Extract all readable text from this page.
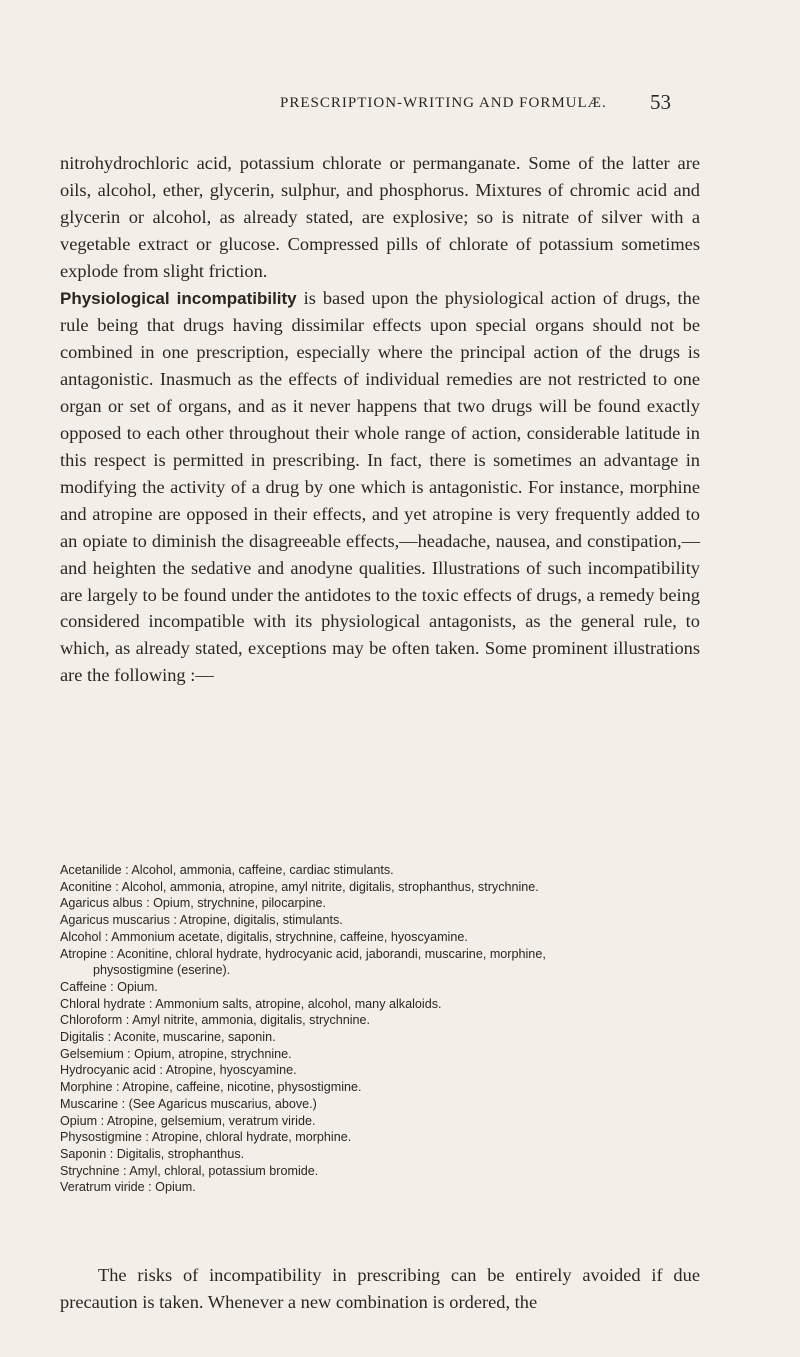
PRESCRIPTION-WRITING AND FORMULÆ. 53

nitrohydrochloric acid, potassium chlorate or permanganate. Some of the latter are oils, alcohol, ether, glycerin, sulphur, and phosphorus. Mixtures of chromic acid and glycerin or alcohol, as already stated, are explosive; so is nitrate of silver with a vegetable extract or glucose. Compressed pills of chlorate of potassium sometimes explode from slight friction.

Physiological incompatibility is based upon the physiological action of drugs, the rule being that drugs having dissimilar effects upon special organs should not be combined in one prescription, especially where the principal action of the drugs is antagonistic. Inasmuch as the effects of individual remedies are not restricted to one organ or set of organs, and as it never happens that two drugs will be found exactly opposed to each other throughout their whole range of action, considerable latitude in this respect is permitted in prescribing. In fact, there is sometimes an advantage in modifying the activity of a drug by one which is antagonistic. For instance, morphine and atropine are opposed in their effects, and yet atropine is very frequently added to an opiate to diminish the disagreeable effects,—headache, nausea, and constipation,—and heighten the sedative and anodyne qualities. Illustrations of such incompatibility are largely to be found under the antidotes to the toxic effects of drugs, a remedy being considered incompatible with its physiological antagonists, as the general rule, to which, as already stated, exceptions may be often taken. Some prominent illustrations are the following :—

Acetanilide : Alcohol, ammonia, caffeine, cardiac stimulants.
Aconitine : Alcohol, ammonia, atropine, amyl nitrite, digitalis, strophanthus, strychnine.
Agaricus albus : Opium, strychnine, pilocarpine.
Agaricus muscarius : Atropine, digitalis, stimulants.
Alcohol : Ammonium acetate, digitalis, strychnine, caffeine, hyoscyamine.
Atropine : Aconitine, chloral hydrate, hydrocyanic acid, jaborandi, muscarine, morphine,
physostigmine (eserine).
Caffeine : Opium.
Chloral hydrate : Ammonium salts, atropine, alcohol, many alkaloids.
Chloroform : Amyl nitrite, ammonia, digitalis, strychnine.
Digitalis : Aconite, muscarine, saponin.
Gelsemium : Opium, atropine, strychnine.
Hydrocyanic acid : Atropine, hyoscyamine.
Morphine : Atropine, caffeine, nicotine, physostigmine.
Muscarine : (See Agaricus muscarius, above.)
Opium : Atropine, gelsemium, veratrum viride.
Physostigmine : Atropine, chloral hydrate, morphine.
Saponin : Digitalis, strophanthus.
Strychnine : Amyl, chloral, potassium bromide.
Veratrum viride : Opium.

The risks of incompatibility in prescribing can be entirely avoided if due precaution is taken. Whenever a new combination is ordered, the
